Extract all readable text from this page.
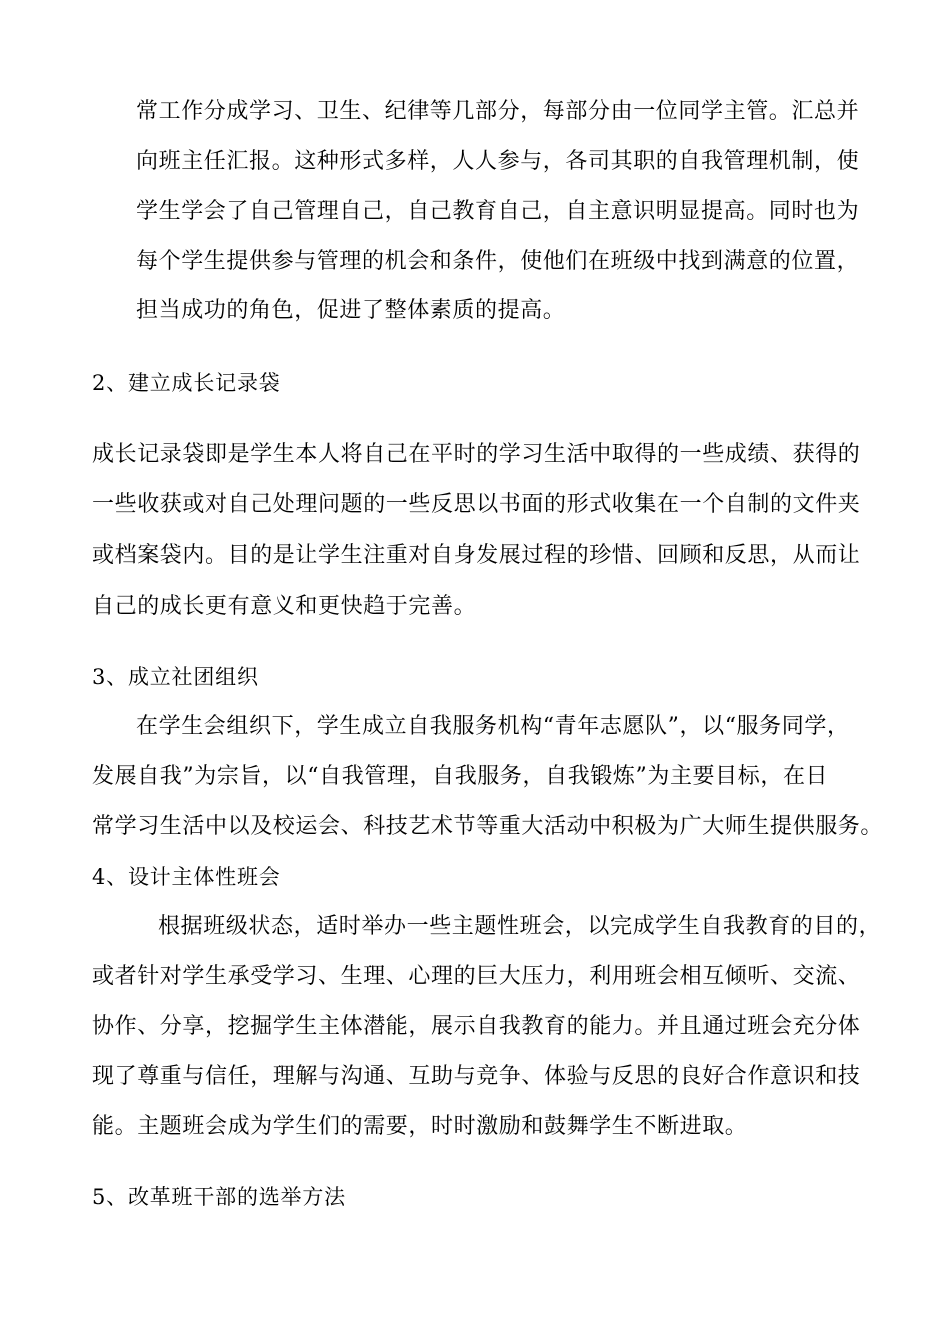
常工作分成学习、卫生、纪律等几部分，每部分由一位同学主管。汇总并
向班主任汇报。这种形式多样，人人参与，各司其职的自我管理机制，使
学生学会了自己管理自己，自己教育自己，自主意识明显提高。同时也为
每个学生提供参与管理的机会和条件，使他们在班级中找到满意的位置，
担当成功的角色，促进了整体素质的提高。
2、建立成长记录袋
成长记录袋即是学生本人将自己在平时的学习生活中取得的一些成绩、获得的
一些收获或对自己处理问题的一些反思以书面的形式收集在一个自制的文件夹
或档案袋内。目的是让学生注重对自身发展过程的珍惜、回顾和反思，从而让
自己的成长更有意义和更快趋于完善。
3、成立社团组织
在学生会组织下，学生成立自我服务机构“青年志愿队”，以“服务同学，
发展自我”为宗旨，以“自我管理，自我服务，自我锻炼”为主要目标，在日
常学习生活中以及校运会、科技艺术节等重大活动中积极为广大师生提供服务。
4、设计主体性班会
根据班级状态，适时举办一些主题性班会，以完成学生自我教育的目的，
或者针对学生承受学习、生理、心理的巨大压力，利用班会相互倾听、交流、
协作、分享，挖掘学生主体潜能，展示自我教育的能力。并且通过班会充分体
现了尊重与信任，理解与沟通、互助与竞争、体验与反思的良好合作意识和技
能。主题班会成为学生们的需要，时时激励和鼓舞学生不断进取。
5、改革班干部的选举方法
